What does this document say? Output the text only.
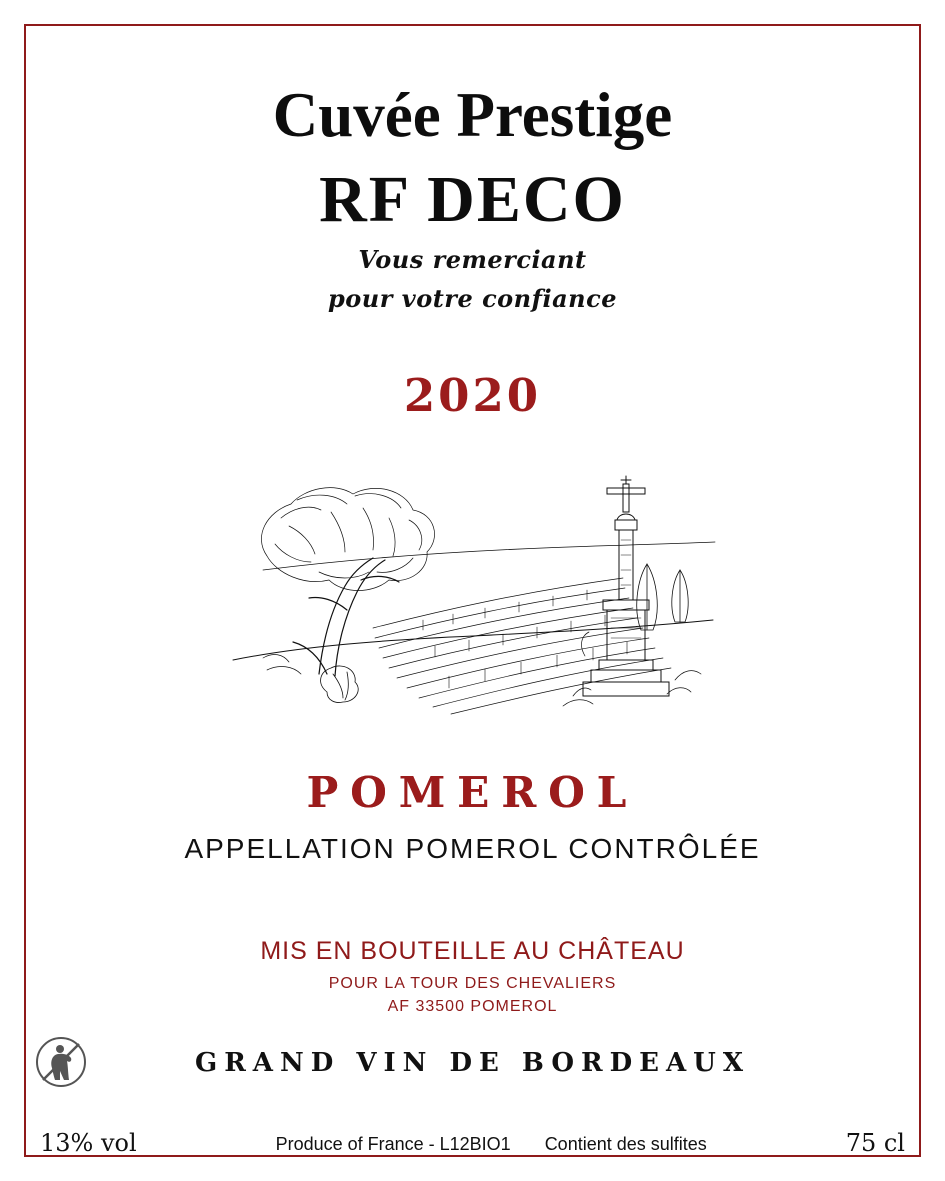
Cuvée Prestige
RF DECO
Vous remerciant
pour votre confiance
2020
POMEROL
APPELLATION POMEROL CONTRÔLÉE
MIS EN BOUTEILLE AU CHÂTEAU
POUR LA TOUR DES CHEVALIERS
AF 33500 POMEROL
GRAND VIN DE BORDEAUX
13% vol	Produce of France - L12BIO1 Contient des sulfites	75 cl
